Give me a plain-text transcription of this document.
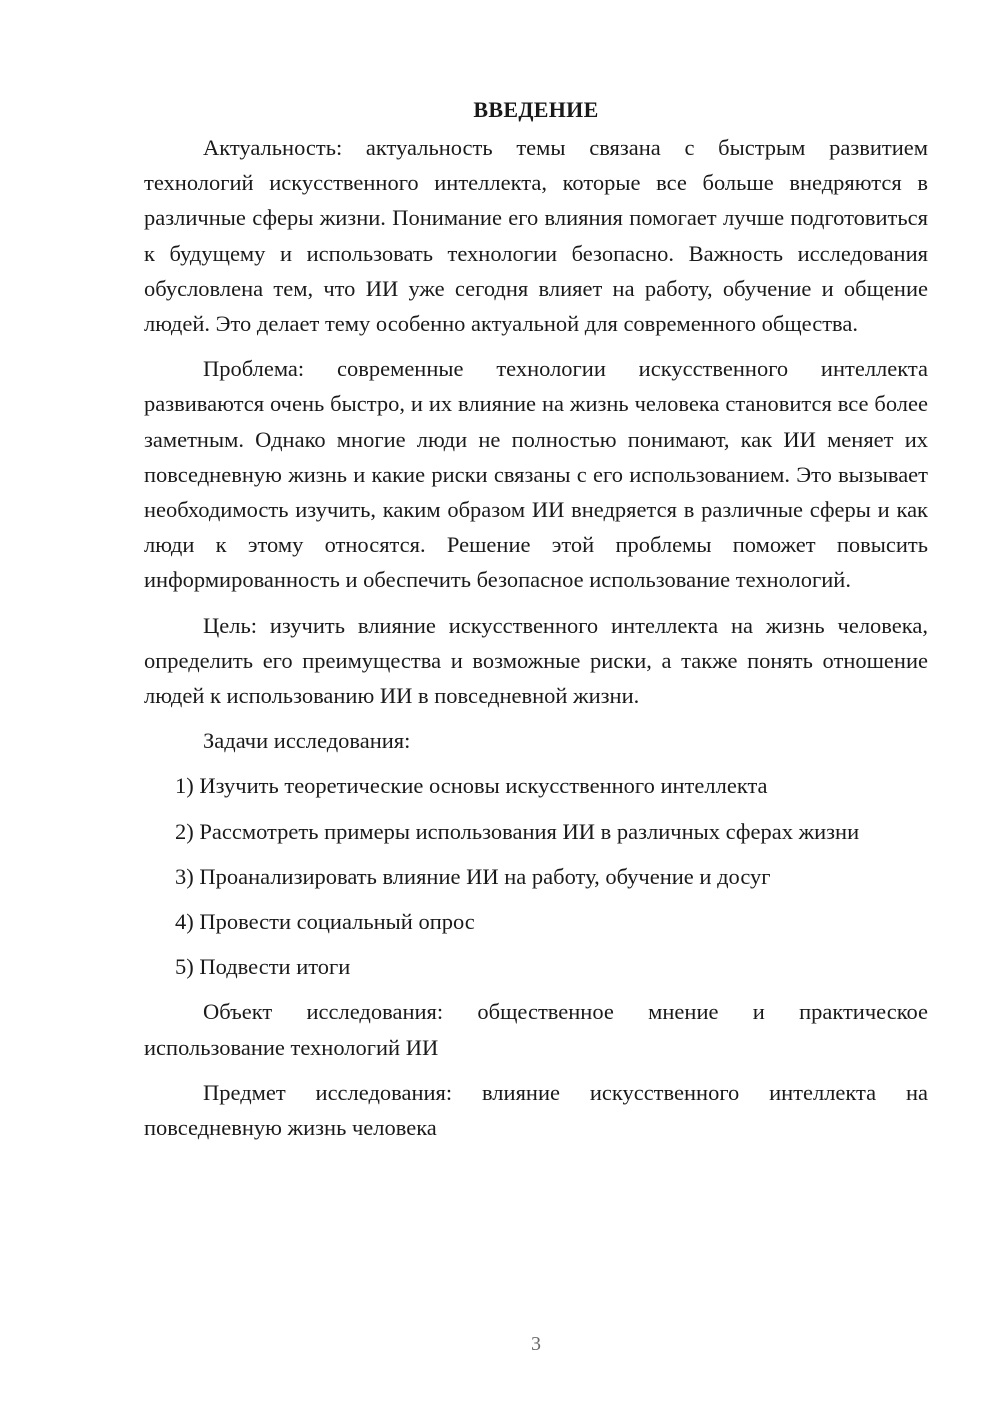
ВВЕДЕНИЕ

Актуальность: актуальность темы связана с быстрым развитием технологий искусственного интеллекта, которые все больше внедряются в различные сферы жизни. Понимание его влияния помогает лучше подготовиться к будущему и использовать технологии безопасно. Важность исследования обусловлена тем, что ИИ уже сегодня влияет на работу, обучение и общение людей. Это делает тему особенно актуальной для современного общества.

Проблема: современные технологии искусственного интеллекта развиваются очень быстро, и их влияние на жизнь человека становится все более заметным. Однако многие люди не полностью понимают, как ИИ меняет их повседневную жизнь и какие риски связаны с его использованием. Это вызывает необходимость изучить, каким образом ИИ внедряется в различные сферы и как люди к этому относятся. Решение этой проблемы поможет повысить информированность и обеспечить безопасное использование технологий.

Цель: изучить влияние искусственного интеллекта на жизнь человека, определить его преимущества и возможные риски, а также понять отношение людей к использованию ИИ в повседневной жизни.

Задачи исследования:

1) Изучить теоретические основы искусственного интеллекта

2) Рассмотреть примеры использования ИИ в различных сферах жизни

3) Проанализировать влияние ИИ на работу, обучение и досуг

4) Провести социальный опрос

5) Подвести итоги

Объект исследования: общественное мнение и практическое использование технологий ИИ

Предмет исследования: влияние искусственного интеллекта на повседневную жизнь человека

3
